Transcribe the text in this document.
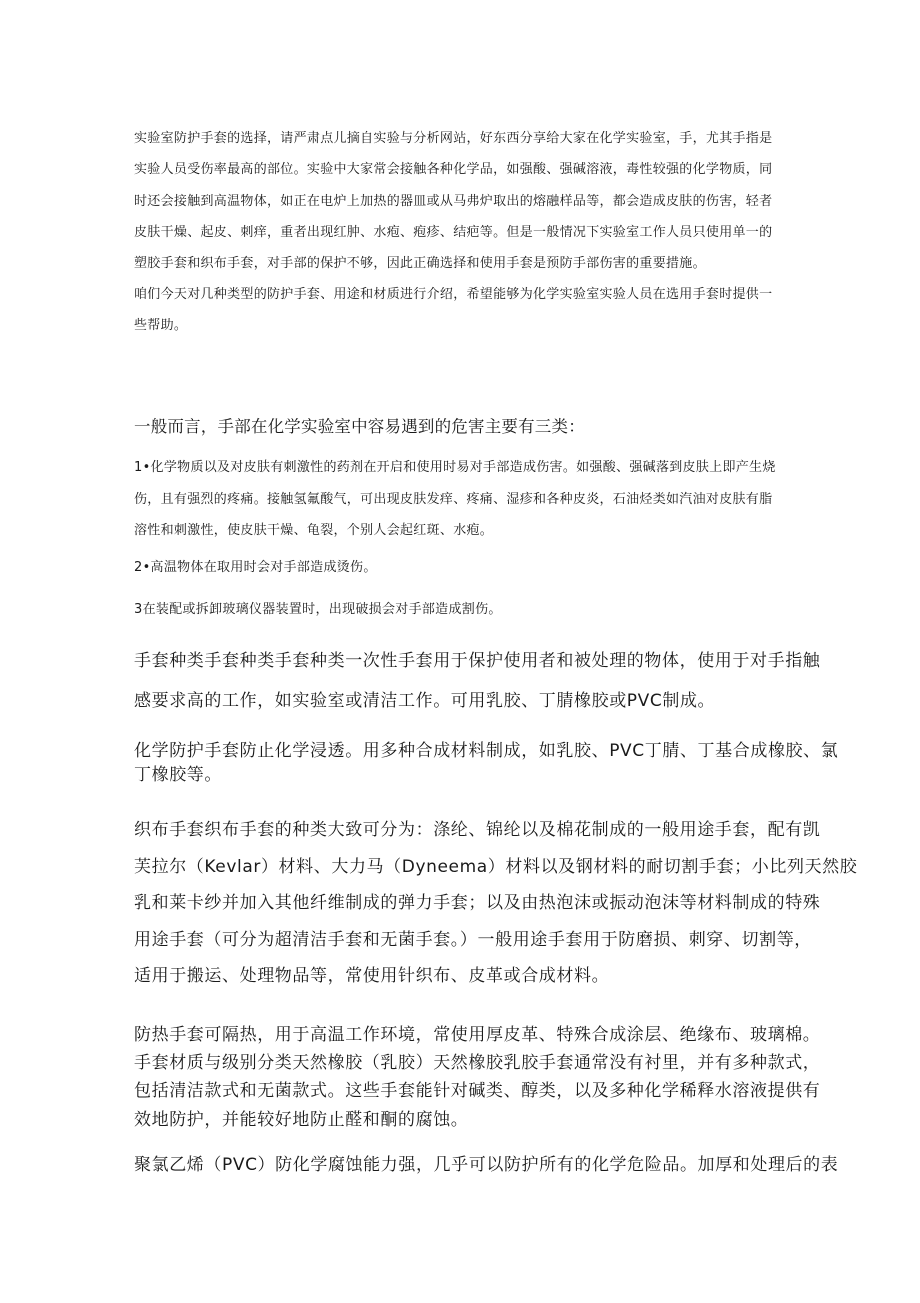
实验室防护手套的选择，请严肃点儿摘自实验与分析网站，好东西分享给大家在化学实验室，手，尤其手指是
实验人员受伤率最高的部位。实验中大家常会接触各种化学品，如强酸、强碱溶液，毒性较强的化学物质，同
时还会接触到高温物体，如正在电炉上加热的器皿或从马弗炉取出的熔融样品等，都会造成皮肤的伤害，轻者
皮肤干燥、起皮、刺痒，重者出现红肿、水疱、疱疹、结疤等。但是一般情况下实验室工作人员只使用单一的
塑胶手套和织布手套，对手部的保护不够，因此正确选择和使用手套是预防手部伤害的重要措施。
咱们今天对几种类型的防护手套、用途和材质进行介绍，希望能够为化学实验室实验人员在选用手套时提供一
些帮助。
一般而言，手部在化学实验室中容易遇到的危害主要有三类：
1•化学物质以及对皮肤有刺激性的药剂在开启和使用时易对手部造成伤害。如强酸、强碱落到皮肤上即产生烧
伤，且有强烈的疼痛。接触氢氟酸气，可出现皮肤发痒、疼痛、湿疹和各种皮炎，石油烃类如汽油对皮肤有脂
溶性和刺激性，使皮肤干燥、龟裂，个别人会起红斑、水疱。
2•高温物体在取用时会对手部造成烫伤。
3在装配或拆卸玻璃仪器装置时，出现破损会对手部造成割伤。
手套种类手套种类手套种类一次性手套用于保护使用者和被处理的物体，使用于对手指触
感要求高的工作，如实验室或清洁工作。可用乳胶、丁腈橡胶或PVC制成。
化学防护手套防止化学浸透。用多种合成材料制成，如乳胶、PVC丁腈、丁基合成橡胶、氯
丁橡胶等。
织布手套织布手套的种类大致可分为：涤纶、锦纶以及棉花制成的一般用途手套，配有凯
芙拉尔（Kevlar）材料、大力马（Dyneema）材料以及钢材料的耐切割手套；小比列天然胶
乳和莱卡纱并加入其他纤维制成的弹力手套；以及由热泡沫或振动泡沫等材料制成的特殊
用途手套（可分为超清洁手套和无菌手套。）一般用途手套用于防磨损、刺穿、切割等，
适用于搬运、处理物品等，常使用针织布、皮革或合成材料。
防热手套可隔热，用于高温工作环境，常使用厚皮革、特殊合成涂层、绝缘布、玻璃棉。
手套材质与级别分类天然橡胶（乳胶）天然橡胶乳胶手套通常没有衬里，并有多种款式，
包括清洁款式和无菌款式。这些手套能针对碱类、醇类，以及多种化学稀释水溶液提供有
效地防护，并能较好地防止醛和酮的腐蚀。
聚氯乙烯（PVC）防化学腐蚀能力强，几乎可以防护所有的化学危险品。加厚和处理后的表
